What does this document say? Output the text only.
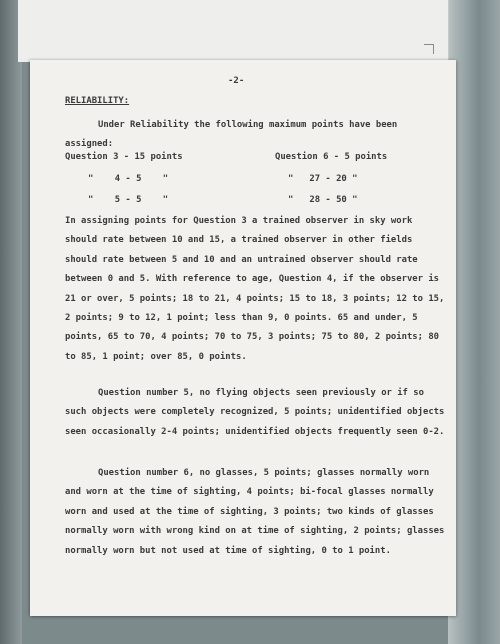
-2-
RELIABILITY:

Under Reliability the following maximum points have been assigned:

Question 3 - 15 points
"    4 - 5    "
"    5 - 5    "
Question 6 - 5 points
"   27 - 20 "
"   28 - 50 "

In assigning points for Question 3 a trained observer in sky work should rate between 10 and 15, a trained observer in other fields should rate between 5 and 10 and an untrained observer should rate between 0 and 5. With reference to age, Question 4, if the observer is 21 or over, 5 points; 18 to 21, 4 points; 15 to 18, 3 points; 12 to 15, 2 points; 9 to 12, 1 point; less than 9, 0 points. 65 and under, 5 points, 65 to 70, 4 points; 70 to 75, 3 points; 75 to 80, 2 points; 80 to 85, 1 point; over 85, 0 points.

Question number 5, no flying objects seen previously or if so such objects were completely recognized, 5 points; unidentified objects seen occasionally 2-4 points; unidentified objects frequently seen 0-2.

Question number 6, no glasses, 5 points; glasses normally worn and worn at the time of sighting, 4 points; bi-focal glasses normally worn and used at the time of sighting, 3 points; two kinds of glasses normally worn with wrong kind on at time of sighting, 2 points; glasses normally worn but not used at time of sighting, 0 to 1 point.
